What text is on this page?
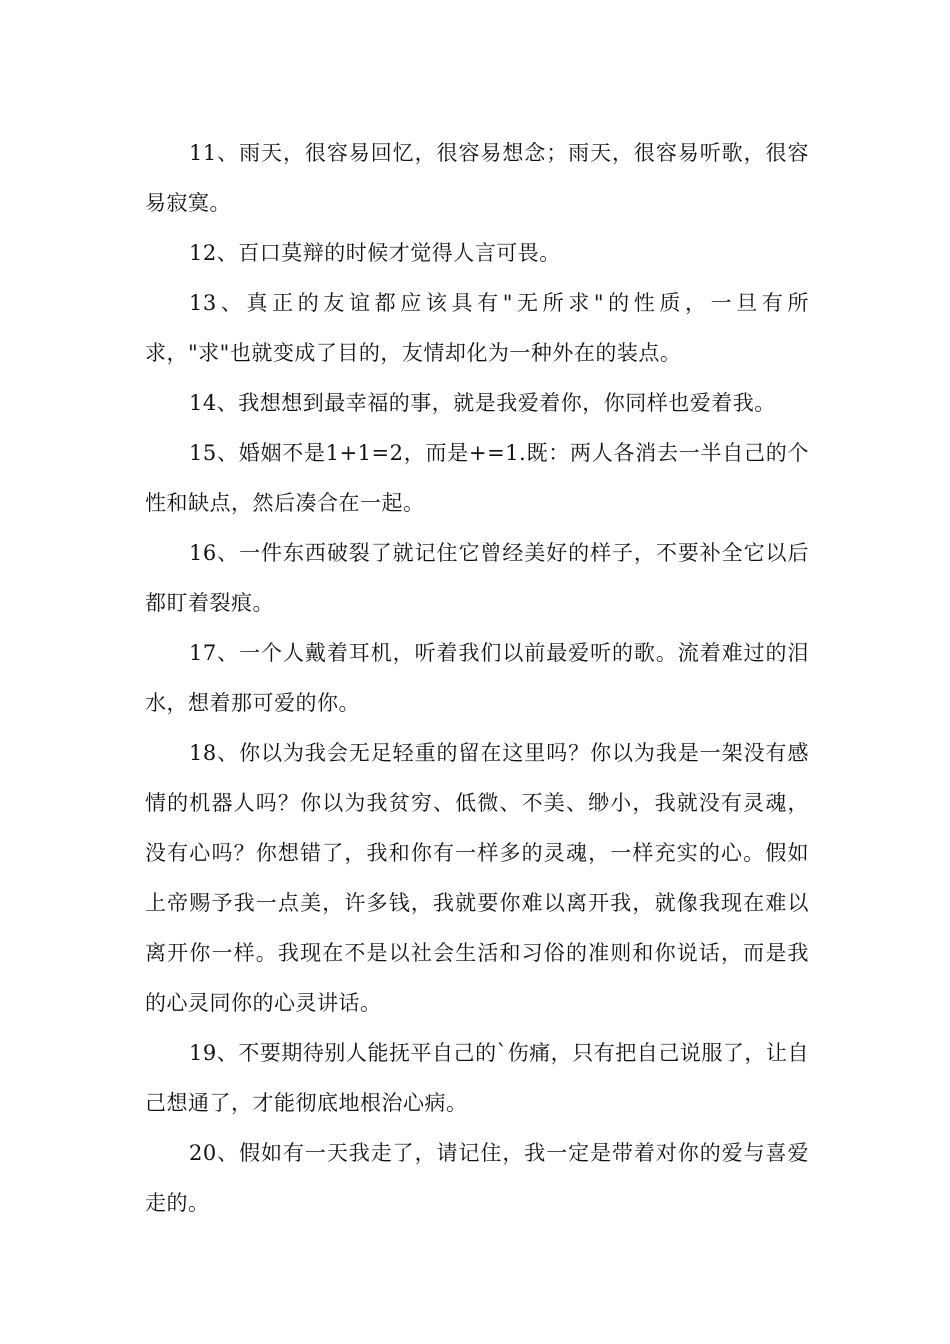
11、雨天，很容易回忆，很容易想念；雨天，很容易听歌，很容易寂寞。

12、百口莫辩的时候才觉得人言可畏。

13、真正的友谊都应该具有"无所求"的性质，一旦有所求，"求"也就变成了目的，友情却化为一种外在的装点。

14、我想想到最幸福的事，就是我爱着你，你同样也爱着我。

15、婚姻不是1+1=2，而是+=1.既：两人各消去一半自己的个性和缺点，然后凑合在一起。

16、一件东西破裂了就记住它曾经美好的样子，不要补全它以后都盯着裂痕。

17、一个人戴着耳机，听着我们以前最爱听的歌。流着难过的泪水，想着那可爱的你。

18、你以为我会无足轻重的留在这里吗？你以为我是一架没有感情的机器人吗？你以为我贫穷、低微、不美、缈小，我就没有灵魂，没有心吗？你想错了，我和你有一样多的灵魂，一样充实的心。假如上帝赐予我一点美，许多钱，我就要你难以离开我，就像我现在难以离开你一样。我现在不是以社会生活和习俗的准则和你说话，而是我的心灵同你的心灵讲话。

19、不要期待别人能抚平自己的`伤痛，只有把自己说服了，让自己想通了，才能彻底地根治心病。

20、假如有一天我走了，请记住，我一定是带着对你的爱与喜爱走的。
